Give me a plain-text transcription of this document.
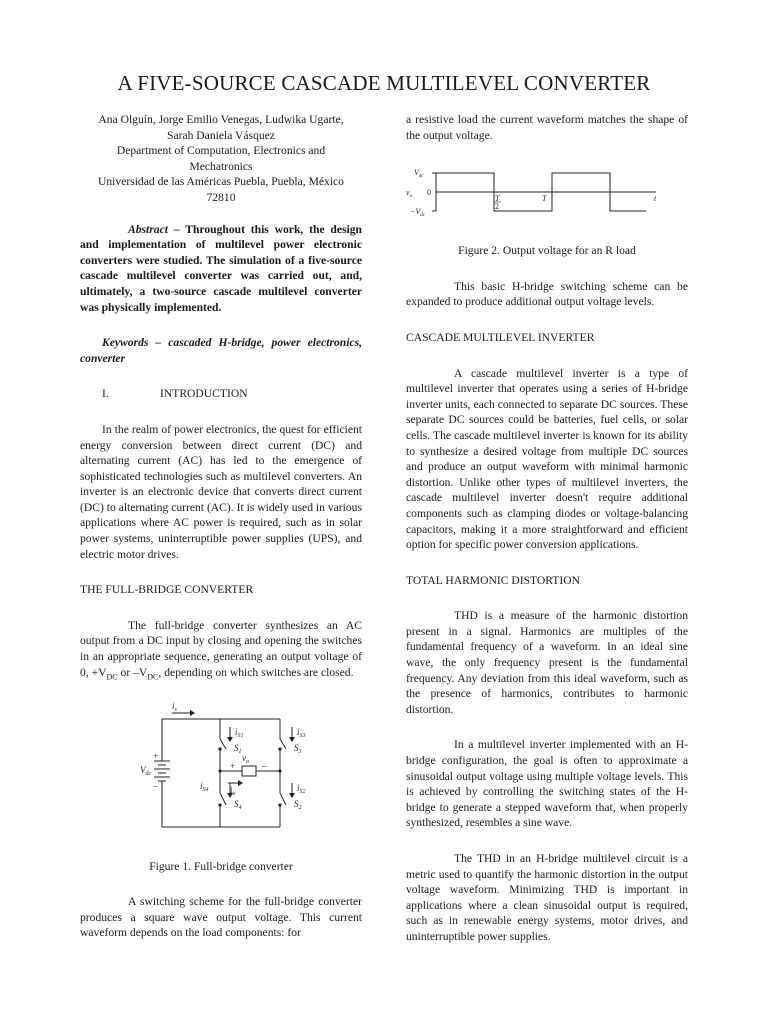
A FIVE-SOURCE CASCADE MULTILEVEL CONVERTER

Ana Olguín, Jorge Emilio Venegas, Ludwika Ugarte,

Sarah Daniela Vásquez

Department of Computation, Electronics and

Mechatronics

Universidad de las Américas Puebla, Puebla, México

72810

Abstract – Throughout this work, the design and implementation of multilevel power electronic converters were studied. The simulation of a five-source cascade multilevel converter was carried out, and, ultimately, a two-source cascade multilevel converter was physically implemented.

Keywords – cascaded H-bridge, power electronics, converter

I.	INTRODUCTION

In the realm of power electronics, the quest for efficient energy conversion between direct current (DC) and alternating current (AC) has led to the emergence of sophisticated technologies such as multilevel converters. An inverter is an electronic device that converts direct current (DC) to alternating current (AC). It is widely used in various applications where AC power is required, such as in solar power systems, uninterruptible power supplies (UPS), and electric motor drives.

THE FULL-BRIDGE CONVERTER

The full-bridge converter synthesizes an AC output from a DC input by closing and opening the switches in an appropriate sequence, generating an output voltage of 0, $+V_{DC}$ or $-V_{DC}$, depending on which switches are closed.

$i_s$
$i_{S1}$	$i_{S3}$
$S_1$	$S_3$
$v_o$
$i_{S4}$	$i_{S2}$
$i_o$
$S_4$	$S_2$
$V_{dc}$
+
–
+	–

Figure 1. Full-bridge converter

A switching scheme for the full-bridge converter produces a square wave output voltage. This current waveform depends on the load components: for

a resistive load the current waveform matches the shape of the output voltage.

$V_{dc}$
$v_o$
$-V_{dc}$
T
2
T	t
0

Figure 2. Output voltage for an R load

This basic H-bridge switching scheme can be expanded to produce additional output voltage levels.

CASCADE MULTILEVEL INVERTER

A cascade multilevel inverter is a type of multilevel inverter that operates using a series of H-bridge inverter units, each connected to separate DC sources. These separate DC sources could be batteries, fuel cells, or solar cells. The cascade multilevel inverter is known for its ability to synthesize a desired voltage from multiple DC sources and produce an output waveform with minimal harmonic distortion. Unlike other types of multilevel inverters, the cascade multilevel inverter doesn't require additional components such as clamping diodes or voltage-balancing capacitors, making it a more straightforward and efficient option for specific power conversion applications.

TOTAL HARMONIC DISTORTION

THD is a measure of the harmonic distortion present in a signal. Harmonics are multiples of the fundamental frequency of a waveform. In an ideal sine wave, the only frequency present is the fundamental frequency. Any deviation from this ideal waveform, such as the presence of harmonics, contributes to harmonic distortion.

In a multilevel inverter implemented with an H-bridge configuration, the goal is often to approximate a sinusoidal output voltage using multiple voltage levels. This is achieved by controlling the switching states of the H-bridge to generate a stepped waveform that, when properly synthesized, resembles a sine wave.

The THD in an H-bridge multilevel circuit is a metric used to quantify the harmonic distortion in the output voltage waveform. Minimizing THD is important in applications where a clean sinusoidal output is required, such as in renewable energy systems, motor drives, and uninterruptible power supplies.
